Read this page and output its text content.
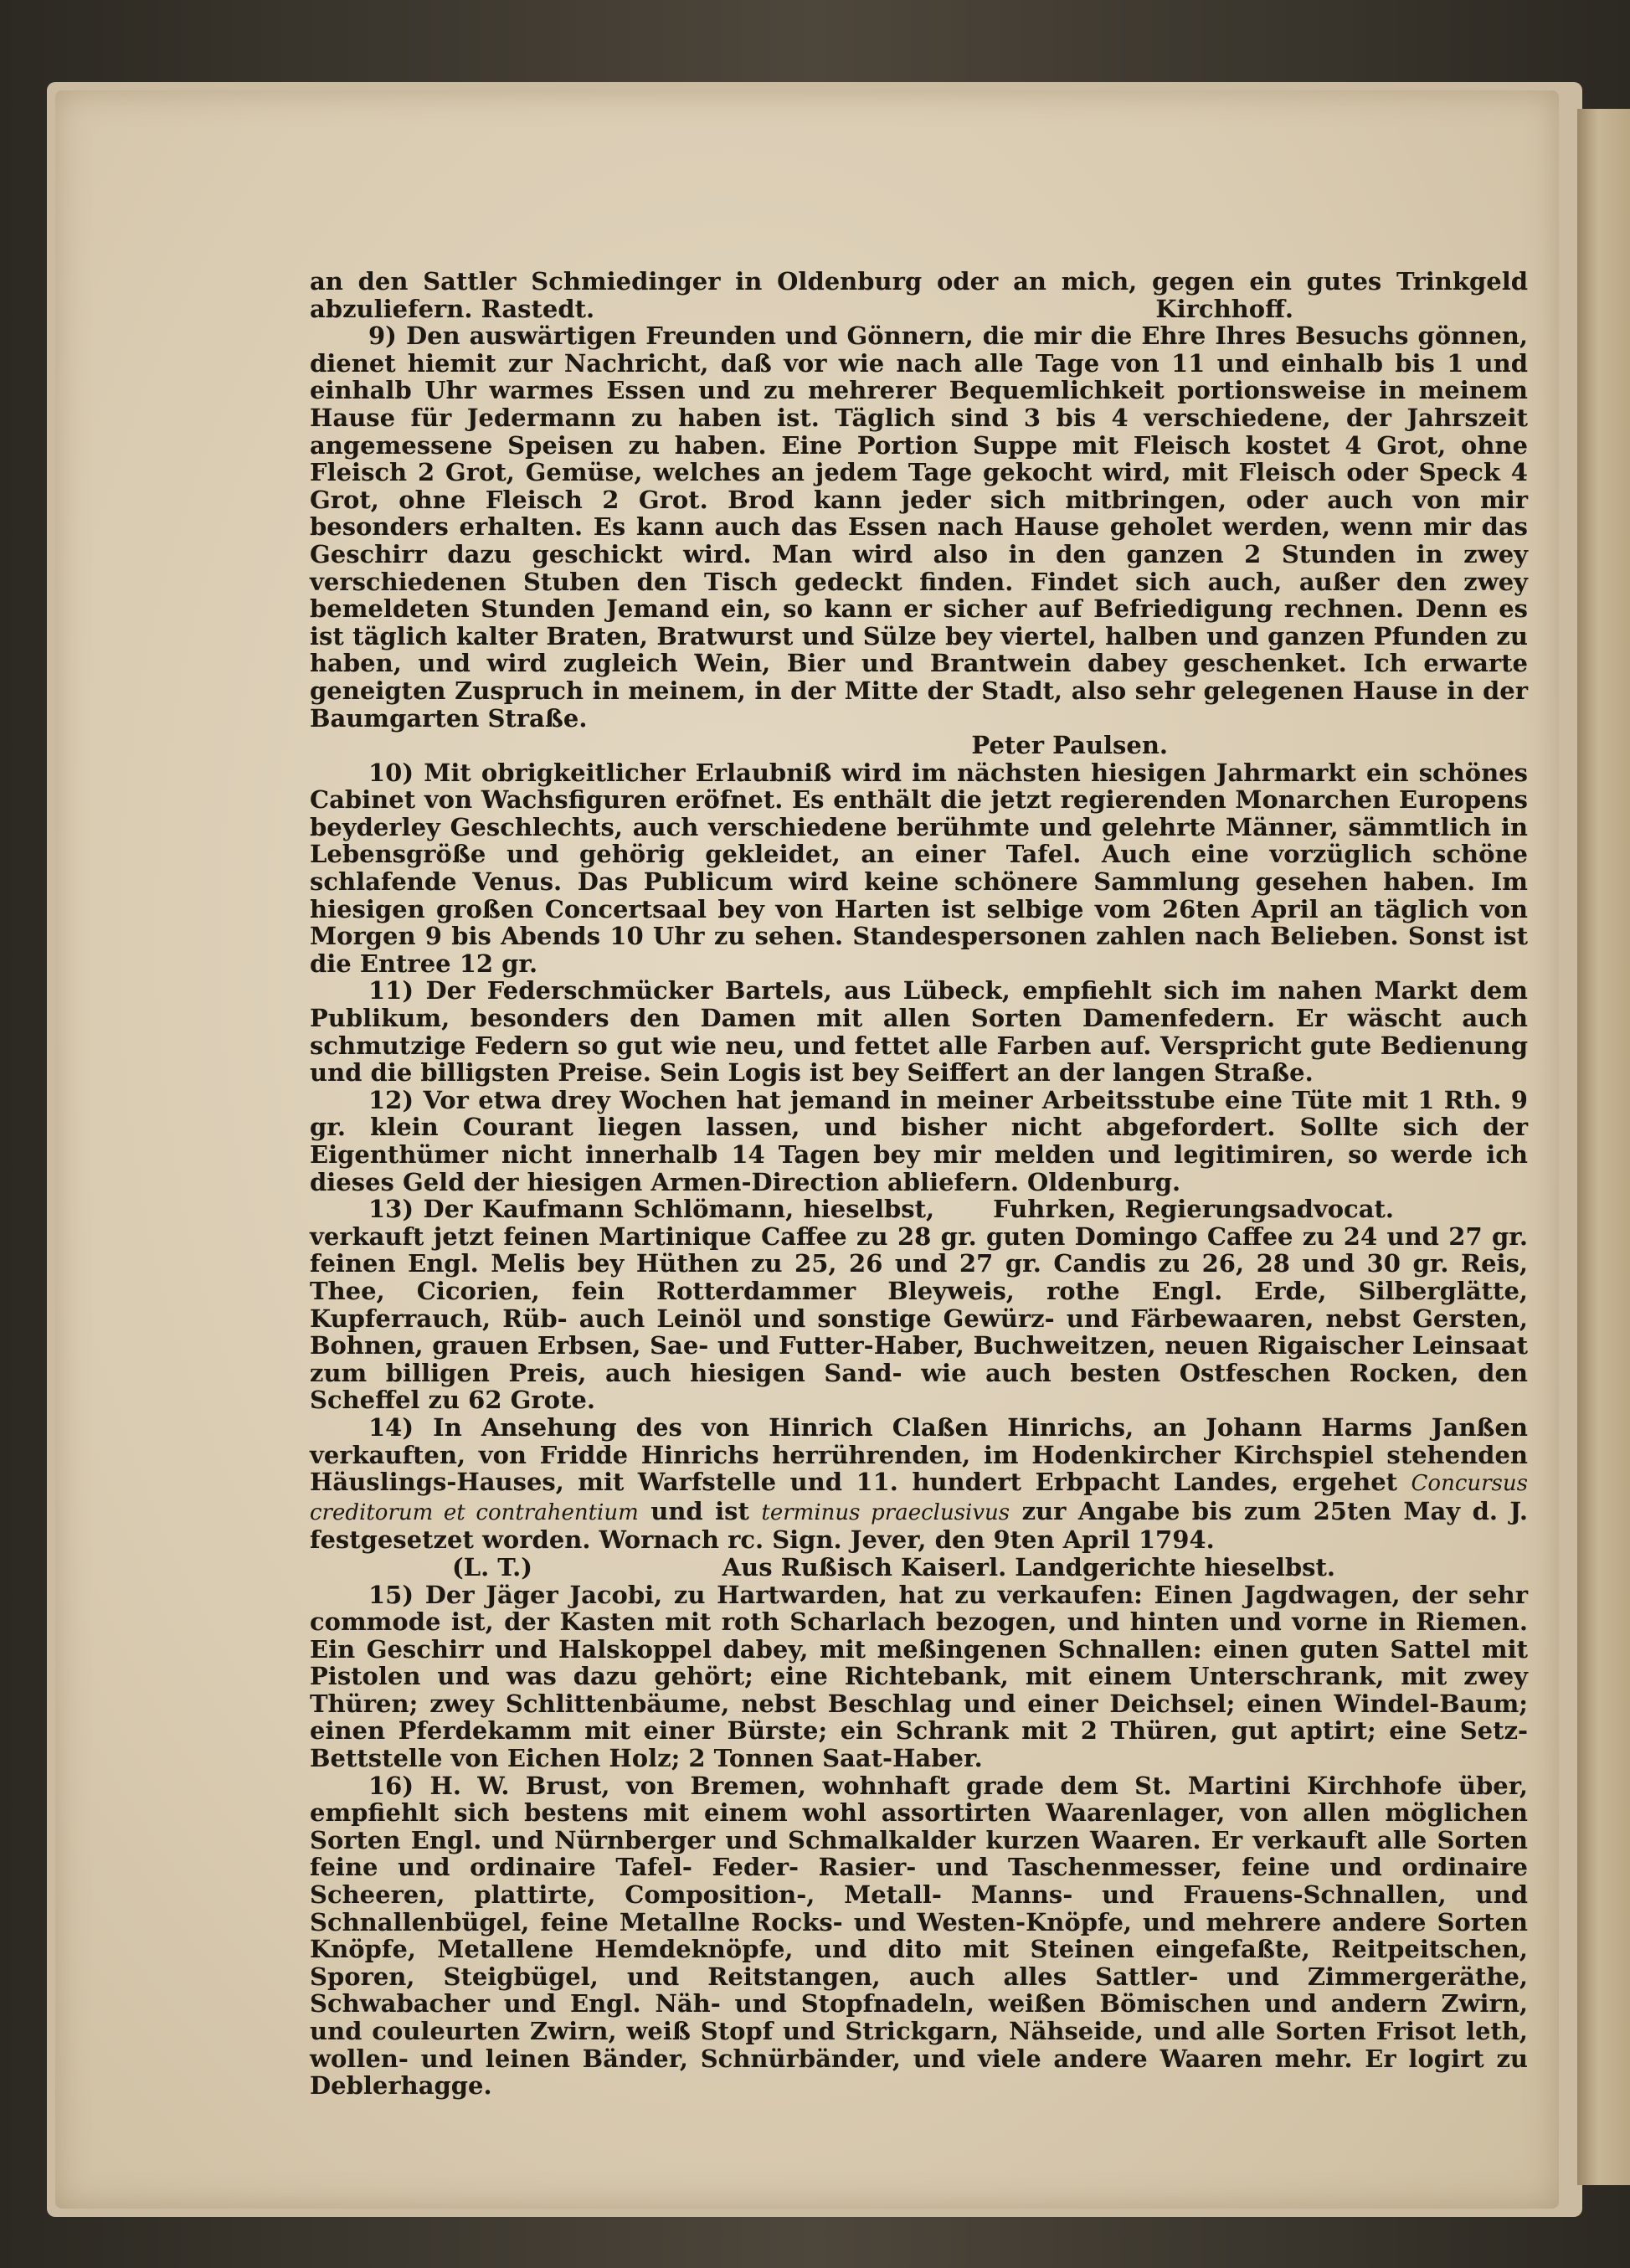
an den Sattler Schmiedinger in Oldenburg oder an mich, gegen ein gutes Trinkgeld abzuliefern. Rastedt.	Kirchhoff.

9) Den auswärtigen Freunden und Gönnern, die mir die Ehre Ihres Besuchs gönnen, dienet hiemit zur Nachricht, daß vor wie nach alle Tage von 11 und einhalb bis 1 und einhalb Uhr warmes Essen und zu mehrerer Bequemlichkeit portionsweise in meinem Hause für Jedermann zu haben ist. Täglich sind 3 bis 4 verschiedene, der Jahrszeit angemessene Speisen zu haben. Eine Portion Suppe mit Fleisch kostet 4 Grot, ohne Fleisch 2 Grot, Gemüse, welches an jedem Tage gekocht wird, mit Fleisch oder Speck 4 Grot, ohne Fleisch 2 Grot. Brod kann jeder sich mitbringen, oder auch von mir besonders erhalten. Es kann auch das Essen nach Hause geholet werden, wenn mir das Geschirr dazu geschickt wird. Man wird also in den ganzen 2 Stunden in zwey verschiedenen Stuben den Tisch gedeckt finden. Findet sich auch, außer den zwey bemeldeten Stunden Jemand ein, so kann er sicher auf Befriedigung rechnen. Denn es ist täglich kalter Braten, Bratwurst und Sülze bey viertel, halben und ganzen Pfunden zu haben, und wird zugleich Wein, Bier und Brantwein dabey geschenket. Ich erwarte geneigten Zuspruch in meinem, in der Mitte der Stadt, also sehr gelegenen Hause in der Baumgarten Straße.

Peter Paulsen.

10) Mit obrigkeitlicher Erlaubniß wird im nächsten hiesigen Jahrmarkt ein schönes Cabinet von Wachsfiguren eröfnet. Es enthält die jetzt regierenden Monarchen Europens beyderley Geschlechts, auch verschiedene berühmte und gelehrte Männer, sämmtlich in Lebensgröße und gehörig gekleidet, an einer Tafel. Auch eine vorzüglich schöne schlafende Venus. Das Publicum wird keine schönere Sammlung gesehen haben. Im hiesigen großen Concertsaal bey von Harten ist selbige vom 26ten April an täglich von Morgen 9 bis Abends 10 Uhr zu sehen. Standespersonen zahlen nach Belieben. Sonst ist die Entree 12 gr.

11) Der Federschmücker Bartels, aus Lübeck, empfiehlt sich im nahen Markt dem Publikum, besonders den Damen mit allen Sorten Damenfedern. Er wäscht auch schmutzige Federn so gut wie neu, und fettet alle Farben auf. Verspricht gute Bedienung und die billigsten Preise. Sein Logis ist bey Seiffert an der langen Straße.

12) Vor etwa drey Wochen hat jemand in meiner Arbeitsstube eine Tüte mit 1 Rth. 9 gr. klein Courant liegen lassen, und bisher nicht abgefordert. Sollte sich der Eigenthümer nicht innerhalb 14 Tagen bey mir melden und legitimiren, so werde ich dieses Geld der hiesigen Armen-Direction abliefern. Oldenburg.
Fuhrken, Regierungsadvocat.

13) Der Kaufmann Schlömann, hieselbst, verkauft jetzt feinen Martinique Caffee zu 28 gr. guten Domingo Caffee zu 24 und 27 gr. feinen Engl. Melis bey Hüthen zu 25, 26 und 27 gr. Candis zu 26, 28 und 30 gr. Reis, Thee, Cicorien, fein Rotterdammer Bleyweis, rothe Engl. Erde, Silberglätte, Kupferrauch, Rüb- auch Leinöl und sonstige Gewürz- und Färbewaaren, nebst Gersten, Bohnen, grauen Erbsen, Sae- und Futter-Haber, Buchweitzen, neuen Rigaischer Leinsaat zum billigen Preis, auch hiesigen Sand- wie auch besten Ostfeschen Rocken, den Scheffel zu 62 Grote.

14) In Ansehung des von Hinrich Claßen Hinrichs, an Johann Harms Janßen verkauften, von Fridde Hinrichs herrührenden, im Hodenkircher Kirchspiel stehenden Häuslings-Hauses, mit Warfstelle und 11. hundert Erbpacht Landes, ergehet Concursus creditorum et contrahentium und ist terminus praeclusivus zur Angabe bis zum 25ten May d. J. festgesetzet worden. Wornach rc. Sign. Jever, den 9ten April 1794.

(L. T.)	Aus Rußisch Kaiserl. Landgerichte hieselbst.

15) Der Jäger Jacobi, zu Hartwarden, hat zu verkaufen: Einen Jagdwagen, der sehr commode ist, der Kasten mit roth Scharlach bezogen, und hinten und vorne in Riemen. Ein Geschirr und Halskoppel dabey, mit meßingenen Schnallen: einen guten Sattel mit Pistolen und was dazu gehört; eine Richtebank, mit einem Unterschrank, mit zwey Thüren; zwey Schlittenbäume, nebst Beschlag und einer Deichsel; einen Windel-Baum; einen Pferdekamm mit einer Bürste; ein Schrank mit 2 Thüren, gut aptirt; eine Setz-Bettstelle von Eichen Holz; 2 Tonnen Saat-Haber.

16) H. W. Brust, von Bremen, wohnhaft grade dem St. Martini Kirchhofe über, empfiehlt sich bestens mit einem wohl assortirten Waarenlager, von allen möglichen Sorten Engl. und Nürnberger und Schmalkalder kurzen Waaren. Er verkauft alle Sorten feine und ordinaire Tafel- Feder- Rasier- und Taschenmesser, feine und ordinaire Scheeren, plattirte, Composition-, Metall- Manns- und Frauens-Schnallen, und Schnallenbügel, feine Metallne Rocks- und Westen-Knöpfe, und mehrere andere Sorten Knöpfe, Metallene Hemdeknöpfe, und dito mit Steinen eingefaßte, Reitpeitschen, Sporen, Steigbügel, und Reitstangen, auch alles Sattler- und Zimmergeräthe, Schwabacher und Engl. Näh- und Stopfnadeln, weißen Bömischen und andern Zwirn, und couleurten Zwirn, weiß Stopf und Strickgarn, Nähseide, und alle Sorten Frisot leth, wollen- und leinen Bänder, Schnürbänder, und viele andere Waaren mehr. Er logirt zu Deblerhagge.
